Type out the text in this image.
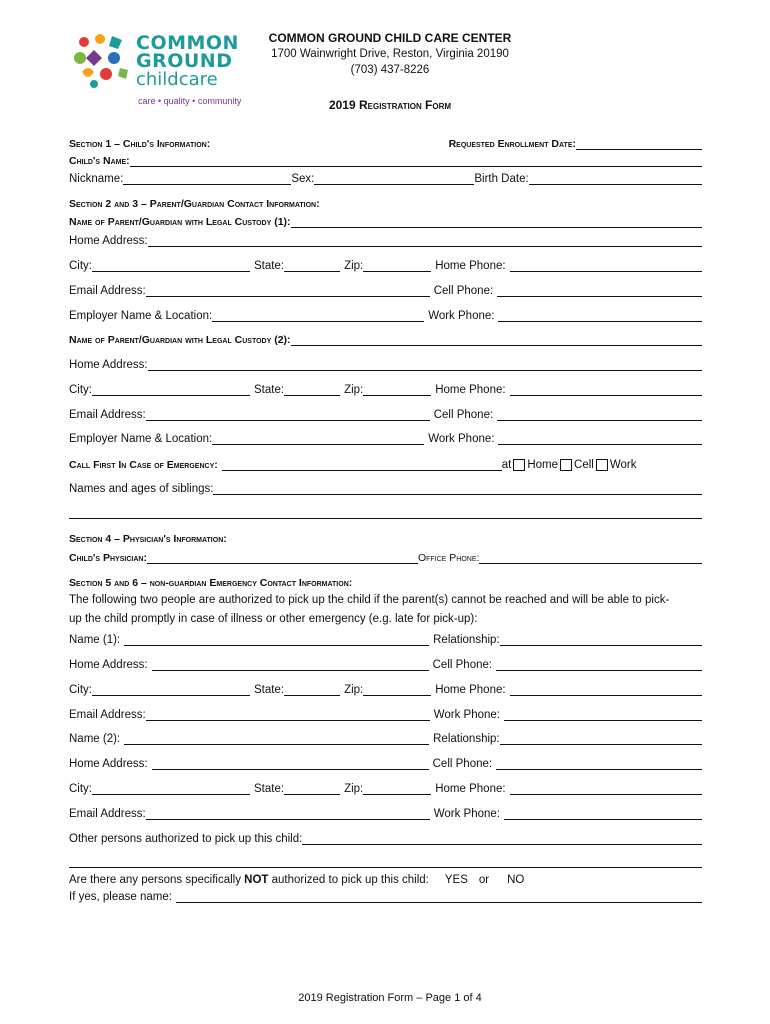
COMMON
GROUND
childcare
care • quality • community
COMMON GROUND CHILD CARE CENTER
1700 Wainwright Drive, Reston, Virginia 20190
(703) 437-8226
2019 Registration Form
Section 1 – Child's Information:	Requested Enrollment Date:
Child's Name:
Nickname:	Sex:	Birth Date:
Section 2 and 3 – Parent/Guardian Contact Information:
Name of Parent/Guardian with Legal Custody (1):
Home Address:
City:	State:	Zip:	Home Phone:
Email Address:	Cell Phone:
Employer Name & Location:	Work Phone:
Name of Parent/Guardian with Legal Custody (2):
Home Address:
City:	State:	Zip:	Home Phone:
Email Address:	Cell Phone:
Employer Name & Location:	Work Phone:
Call First In Case of Emergency:	at Home Cell Work
Names and ages of siblings:
Section 4 – Physician's Information:
Child's Physician:	Office Phone:
Section 5 and 6 – non-guardian Emergency Contact Information:
The following two people are authorized to pick up the child if the parent(s) cannot be reached and will be able to pick-
up the child promptly in case of illness or other emergency (e.g. late for pick-up):
Name (1):	Relationship:
Home Address:	Cell Phone:
City:	State:	Zip:	Home Phone:
Email Address:	Work Phone:
Name (2):	Relationship:
Home Address:	Cell Phone:
City:	State:	Zip:	Home Phone:
Email Address:	Work Phone:
Other persons authorized to pick up this child:
Are there any persons specifically NOT authorized to pick up this child: YES or NO
If yes, please name:
2019 Registration Form – Page 1 of 4
